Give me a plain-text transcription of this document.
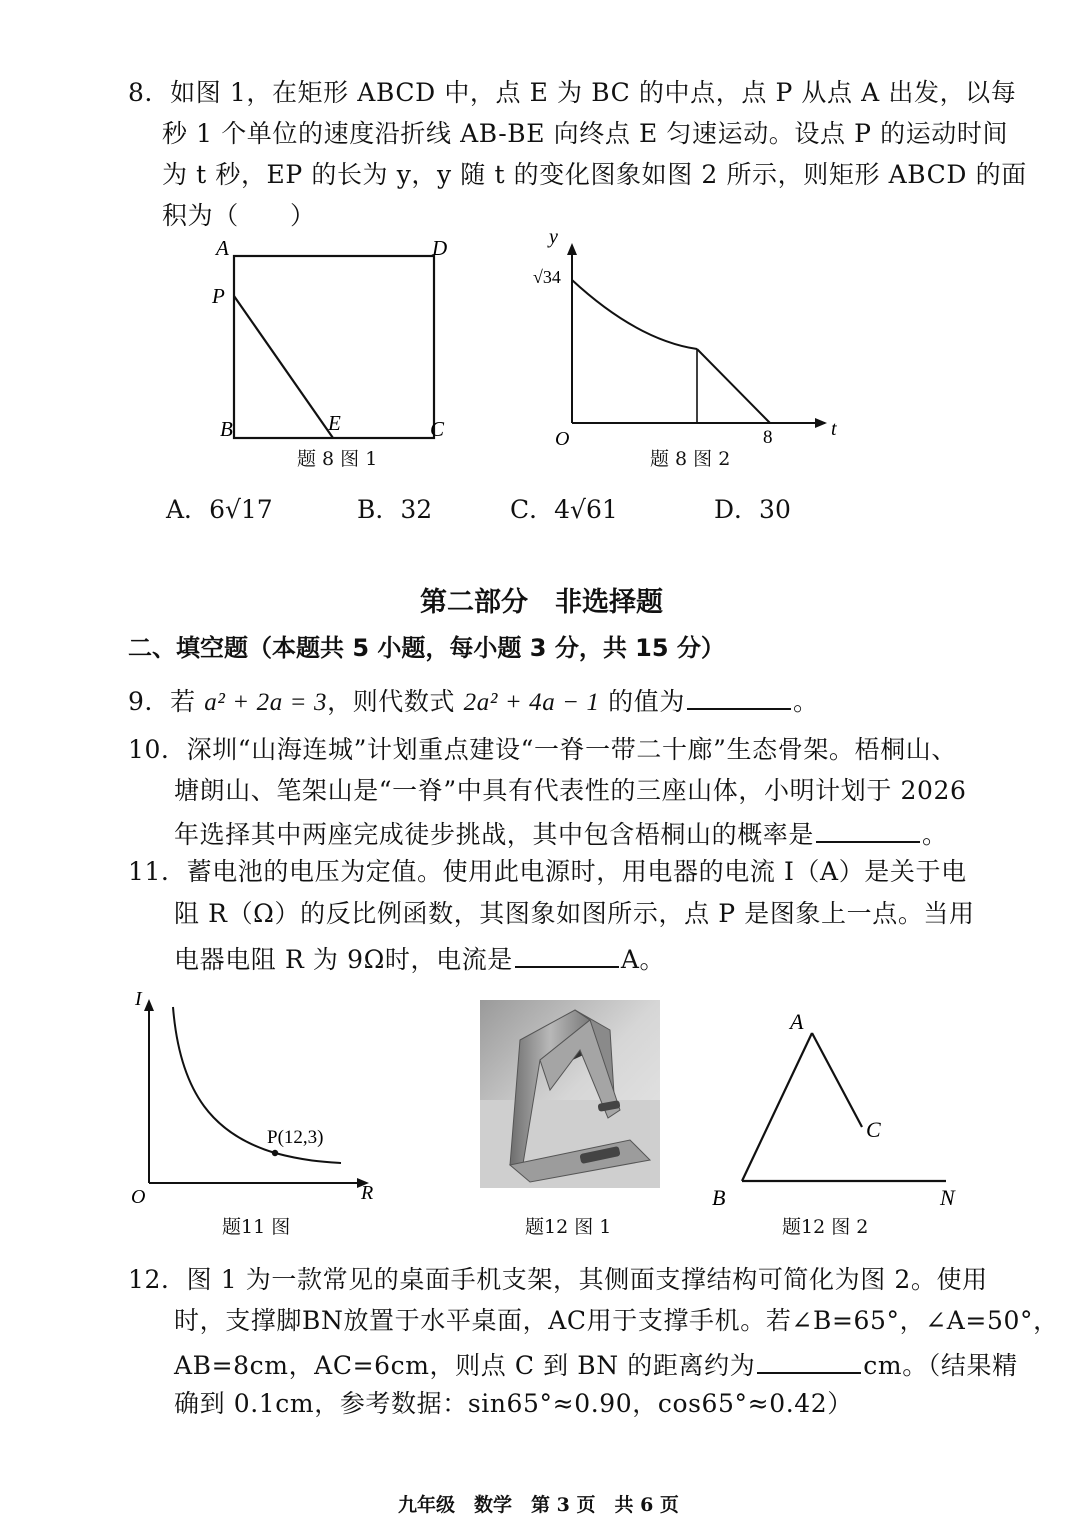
8．如图 1，在矩形 ABCD 中，点 E 为 BC 的中点，点 P 从点 A 出发，以每
秒 1 个单位的速度沿折线 AB-BE 向终点 E 匀速运动。设点 P 的运动时间
为 t 秒，EP 的长为 y，y 随 t 的变化图象如图 2 所示，则矩形 ABCD 的面
积为（　　）
A	D
P
B	E	C
题 8 图 1
y
√34
O	8	t
题 8 图 2
A．6√17	B．32	C．4√61	D．30
第二部分　非选择题
二、填空题（本题共 5 小题，每小题 3 分，共 15 分）
9．若 a² + 2a = 3，则代数式 2a² + 4a − 1 的值为	。
10．深圳“山海连城”计划重点建设“一脊一带二十廊”生态骨架。梧桐山、
塘朗山、笔架山是“一脊”中具有代表性的三座山体，小明计划于 2026
年选择其中两座完成徒步挑战，其中包含梧桐山的概率是	。
11．蓄电池的电压为定值。使用此电源时，用电器的电流 I（A）是关于电
阻 R（Ω）的反比例函数，其图象如图所示，点 P 是图象上一点。当用
电器电阻 R 为 9Ω时，电流是	A。
I
O	R
P(12,3)
题11 图	题12 图 1
A
C
B	N
题12 图 2
12．图 1 为一款常见的桌面手机支架，其侧面支撑结构可简化为图 2。使用
时，支撑脚BN放置于水平桌面，AC用于支撑手机。若∠B=65°，∠A=50°，
AB=8cm，AC=6cm，则点 C 到 BN 的距离约为	cm。（结果精
确到 0.1cm，参考数据：sin65°≈0.90，cos65°≈0.42）
九年级　数学　第 3 页　共 6 页
